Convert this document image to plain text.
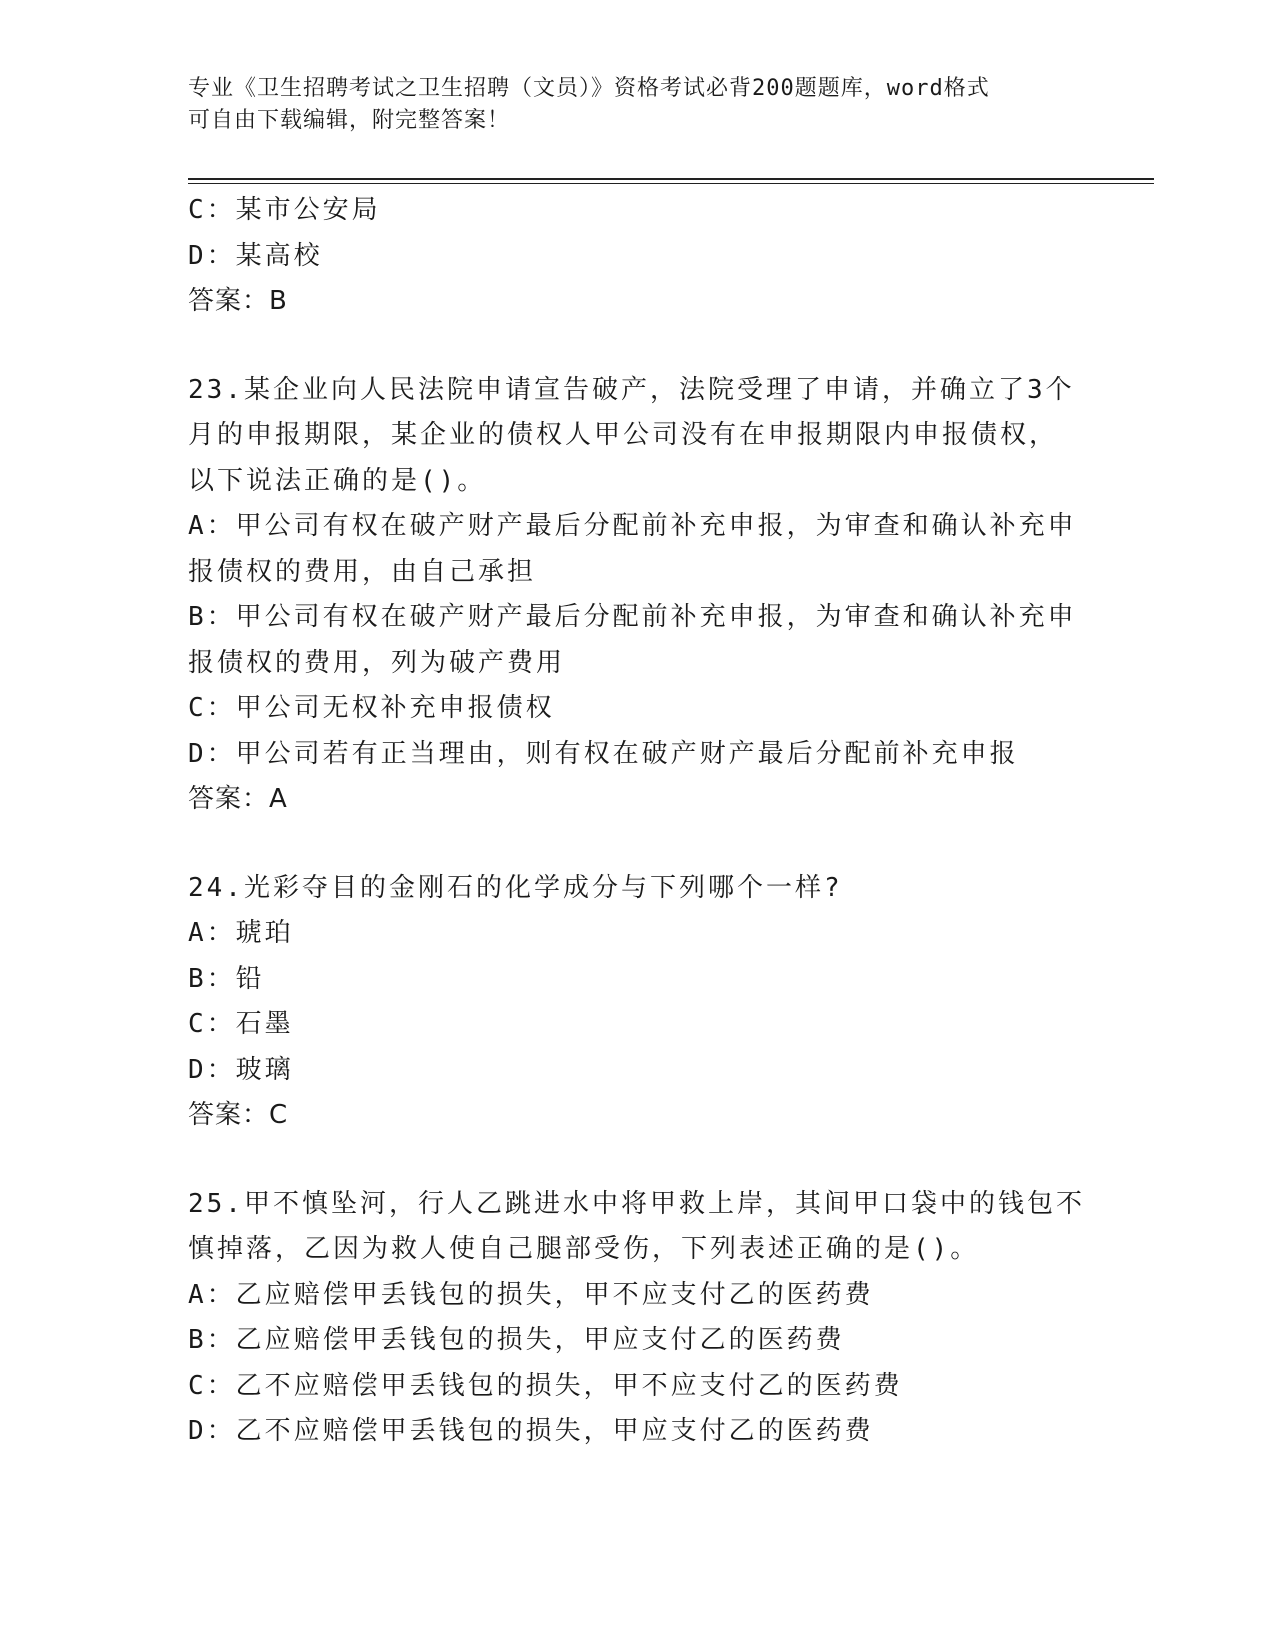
专业《卫生招聘考试之卫生招聘（文员）》资格考试必背200题题库，word格式
可自由下载编辑，附完整答案！
C：某市公安局
D：某高校
答案：B
23.某企业向人民法院申请宣告破产，法院受理了申请，并确立了3个
月的申报期限，某企业的债权人甲公司没有在申报期限内申报债权，
以下说法正确的是()。
A：甲公司有权在破产财产最后分配前补充申报，为审查和确认补充申
报债权的费用，由自己承担
B：甲公司有权在破产财产最后分配前补充申报，为审查和确认补充申
报债权的费用，列为破产费用
C：甲公司无权补充申报债权
D：甲公司若有正当理由，则有权在破产财产最后分配前补充申报
答案：A
24.光彩夺目的金刚石的化学成分与下列哪个一样?
A：琥珀
B：铅
C：石墨
D：玻璃
答案：C
25.甲不慎坠河，行人乙跳进水中将甲救上岸，其间甲口袋中的钱包不
慎掉落，乙因为救人使自己腿部受伤，下列表述正确的是()。
A：乙应赔偿甲丢钱包的损失，甲不应支付乙的医药费
B：乙应赔偿甲丢钱包的损失，甲应支付乙的医药费
C：乙不应赔偿甲丢钱包的损失，甲不应支付乙的医药费
D：乙不应赔偿甲丢钱包的损失，甲应支付乙的医药费
